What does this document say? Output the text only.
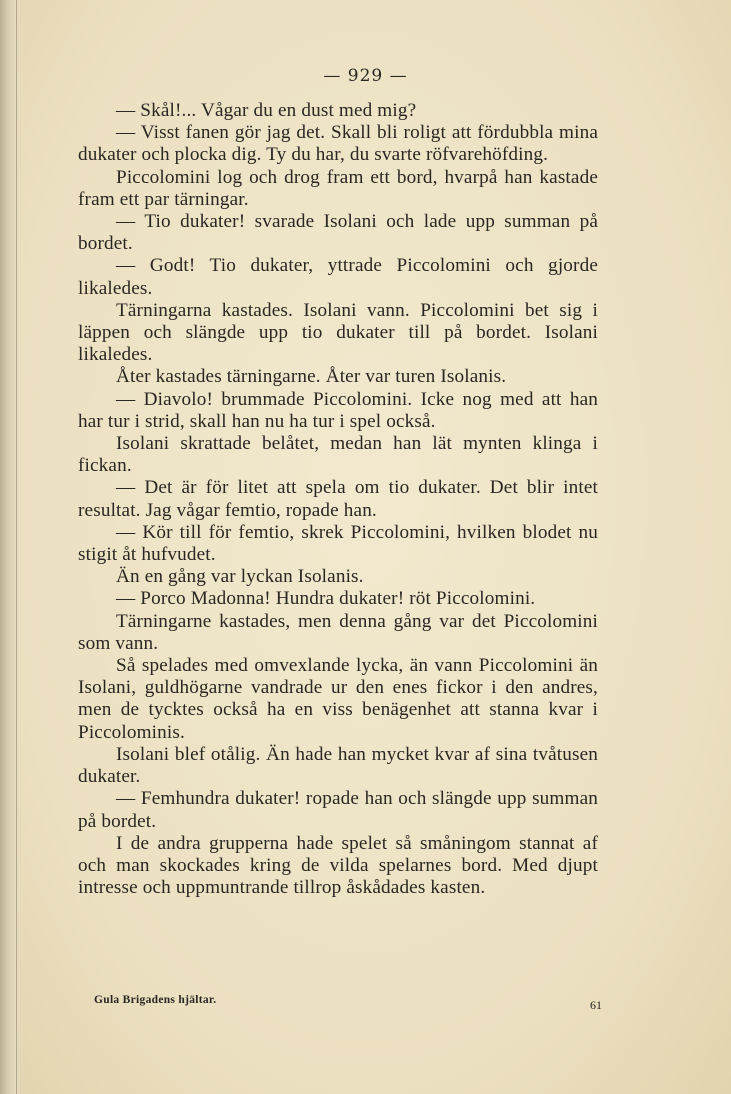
— 929 —

— Skål!... Vågar du en dust med mig?

— Visst fanen gör jag det. Skall bli roligt att fördubbla mina dukater och plocka dig. Ty du har, du svarte röfvarehöfding.

Piccolomini log och drog fram ett bord, hvarpå han kastade fram ett par tärningar.

— Tio dukater! svarade Isolani och lade upp summan på bordet.

— Godt! Tio dukater, yttrade Piccolomini och gjorde likaledes.

Tärningarna kastades. Isolani vann. Piccolomini bet sig i läppen och slängde upp tio dukater till på bordet. Isolani likaledes.

Åter kastades tärningarne. Åter var turen Isolanis.

— Diavolo! brummade Piccolomini. Icke nog med att han har tur i strid, skall han nu ha tur i spel också.

Isolani skrattade belåtet, medan han lät mynten klinga i fickan.

— Det är för litet att spela om tio dukater. Det blir intet resultat. Jag vågar femtio, ropade han.

— Kör till för femtio, skrek Piccolomini, hvilken blodet nu stigit åt hufvudet.

Än en gång var lyckan Isolanis.

— Porco Madonna! Hundra dukater! röt Piccolomini.

Tärningarne kastades, men denna gång var det Piccolomini som vann.

Så spelades med omvexlande lycka, än vann Piccolomini än Isolani, guldhögarne vandrade ur den enes fickor i den andres, men de tycktes också ha en viss benägenhet att stanna kvar i Piccolominis.

Isolani blef otålig. Än hade han mycket kvar af sina tvåtusen dukater.

— Femhundra dukater! ropade han och slängde upp summan på bordet.

I de andra grupperna hade spelet så småningom stannat af och man skockades kring de vilda spelarnes bord. Med djupt intresse och uppmuntrande tillrop åskådades kasten.

Gula Brigadens hjältar.	61
